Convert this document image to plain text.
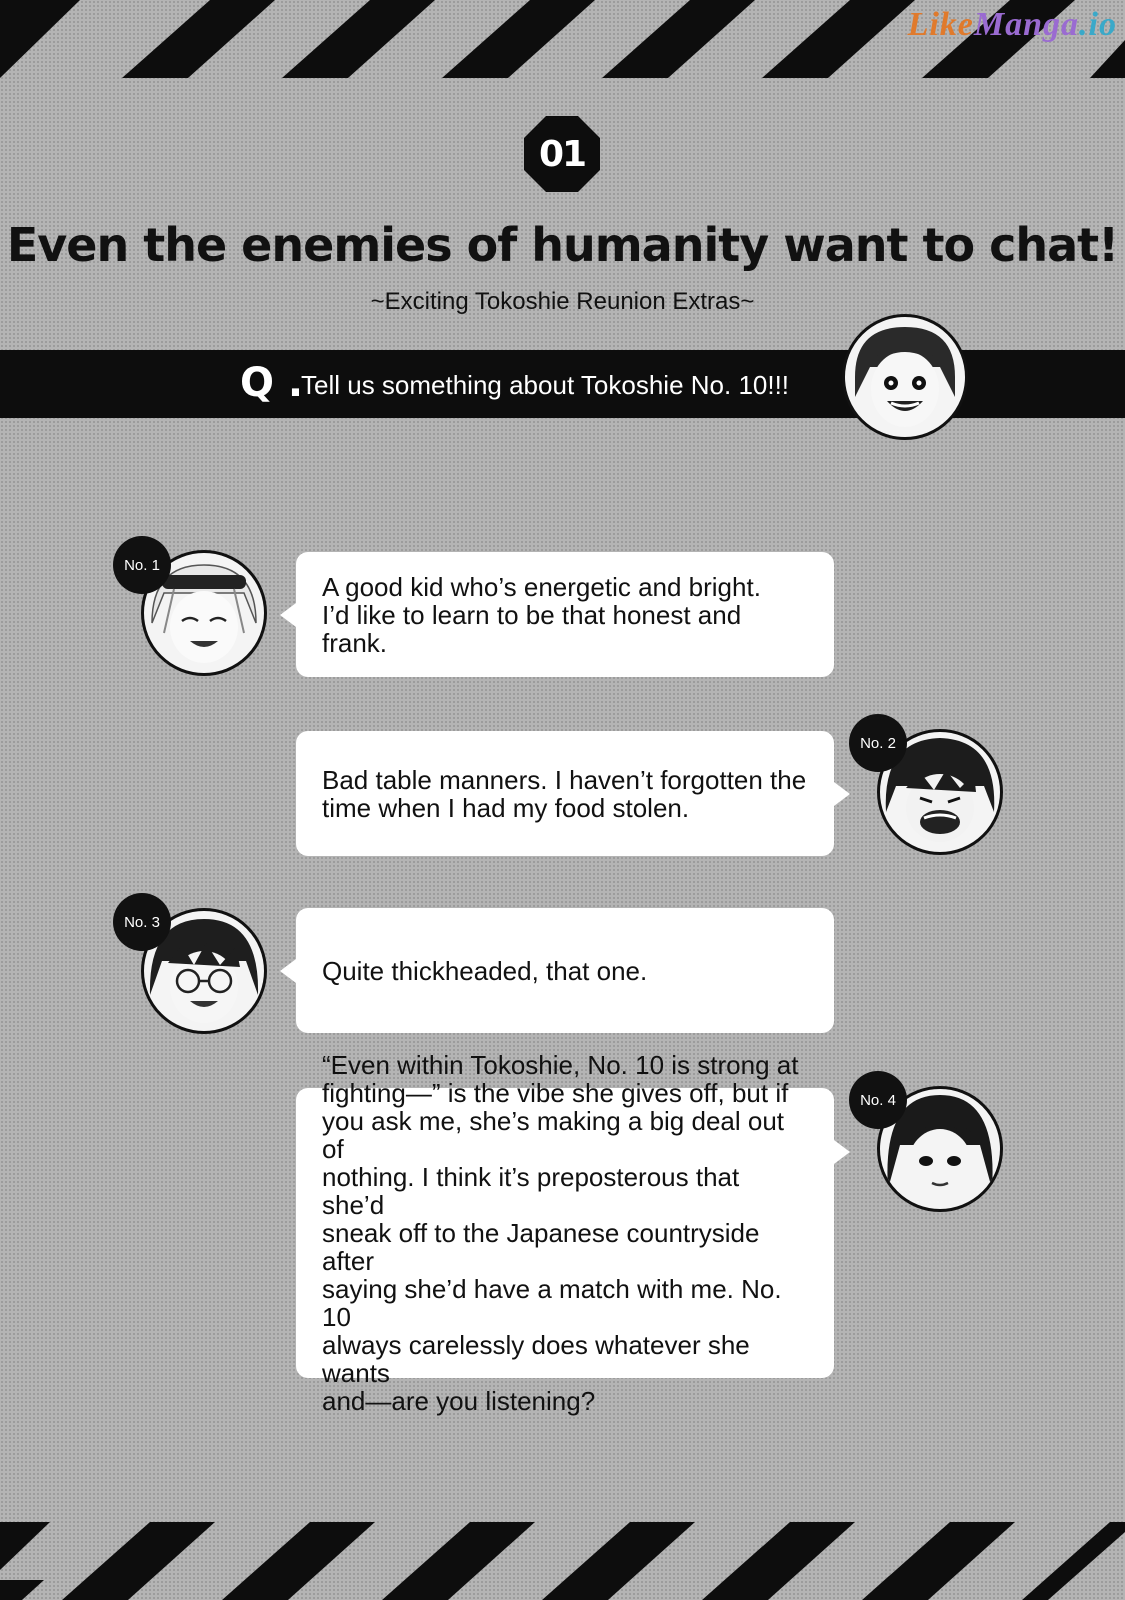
LikeManga.io
01
Even the enemies of humanity want to chat!
~Exciting Tokoshie Reunion Extras~
Q .
Tell us something about Tokoshie No. 10!!!
No. 1
A good kid who’s energetic and bright.
I’d like to learn to be that honest and frank.
Bad table manners. I haven’t forgotten the
time when I had my food stolen.
No. 2
No. 3
Quite thickheaded, that one.
“Even within Tokoshie, No. 10 is strong at
fighting—” is the vibe she gives off, but if
you ask me, she’s making a big deal out of
nothing. I think it’s preposterous that she’d
sneak off to the Japanese countryside after
saying she’d have a match with me. No. 10
always carelessly does whatever she wants
and—are you listening?
No. 4
